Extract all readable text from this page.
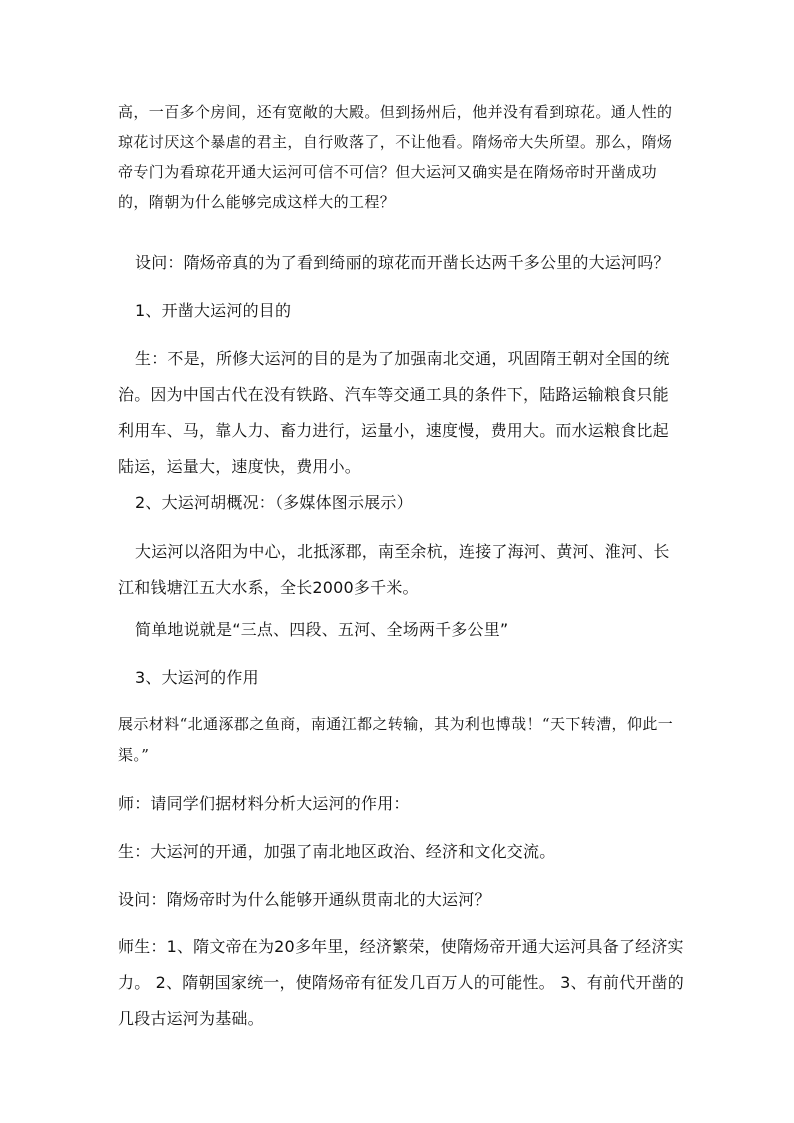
高，一百多个房间，还有宽敞的大殿。但到扬州后，他并没有看到琼花。通人性的琼花讨厌这个暴虐的君主，自行败落了，不让他看。隋炀帝大失所望。那么，隋炀帝专门为看琼花开通大运河可信不可信？但大运河又确实是在隋炀帝时开凿成功的，隋朝为什么能够完成这样大的工程？

设问：隋炀帝真的为了看到绮丽的琼花而开凿长达两千多公里的大运河吗？

1、开凿大运河的目的

生：不是，所修大运河的目的是为了加强南北交通，巩固隋王朝对全国的统治。因为中国古代在没有铁路、汽车等交通工具的条件下，陆路运输粮食只能利用车、马，靠人力、畜力进行，运量小，速度慢，费用大。而水运粮食比起陆运，运量大，速度快，费用小。

2、大运河胡概况：（多媒体图示展示）

大运河以洛阳为中心，北抵涿郡，南至余杭，连接了海河、黄河、淮河、长江和钱塘江五大水系，全长2000多千米。

简单地说就是“三点、四段、五河、全场两千多公里”

3、大运河的作用

展示材料“北通涿郡之鱼商，南通江都之转输，其为利也博哉！“天下转漕，仰此一渠。”

师：请同学们据材料分析大运河的作用：

生：大运河的开通，加强了南北地区政治、经济和文化交流。

设问：隋炀帝时为什么能够开通纵贯南北的大运河？

师生：1、隋文帝在为20多年里，经济繁荣，使隋炀帝开通大运河具备了经济实力。 2、隋朝国家统一，使隋炀帝有征发几百万人的可能性。 3、有前代开凿的几段古运河为基础。
